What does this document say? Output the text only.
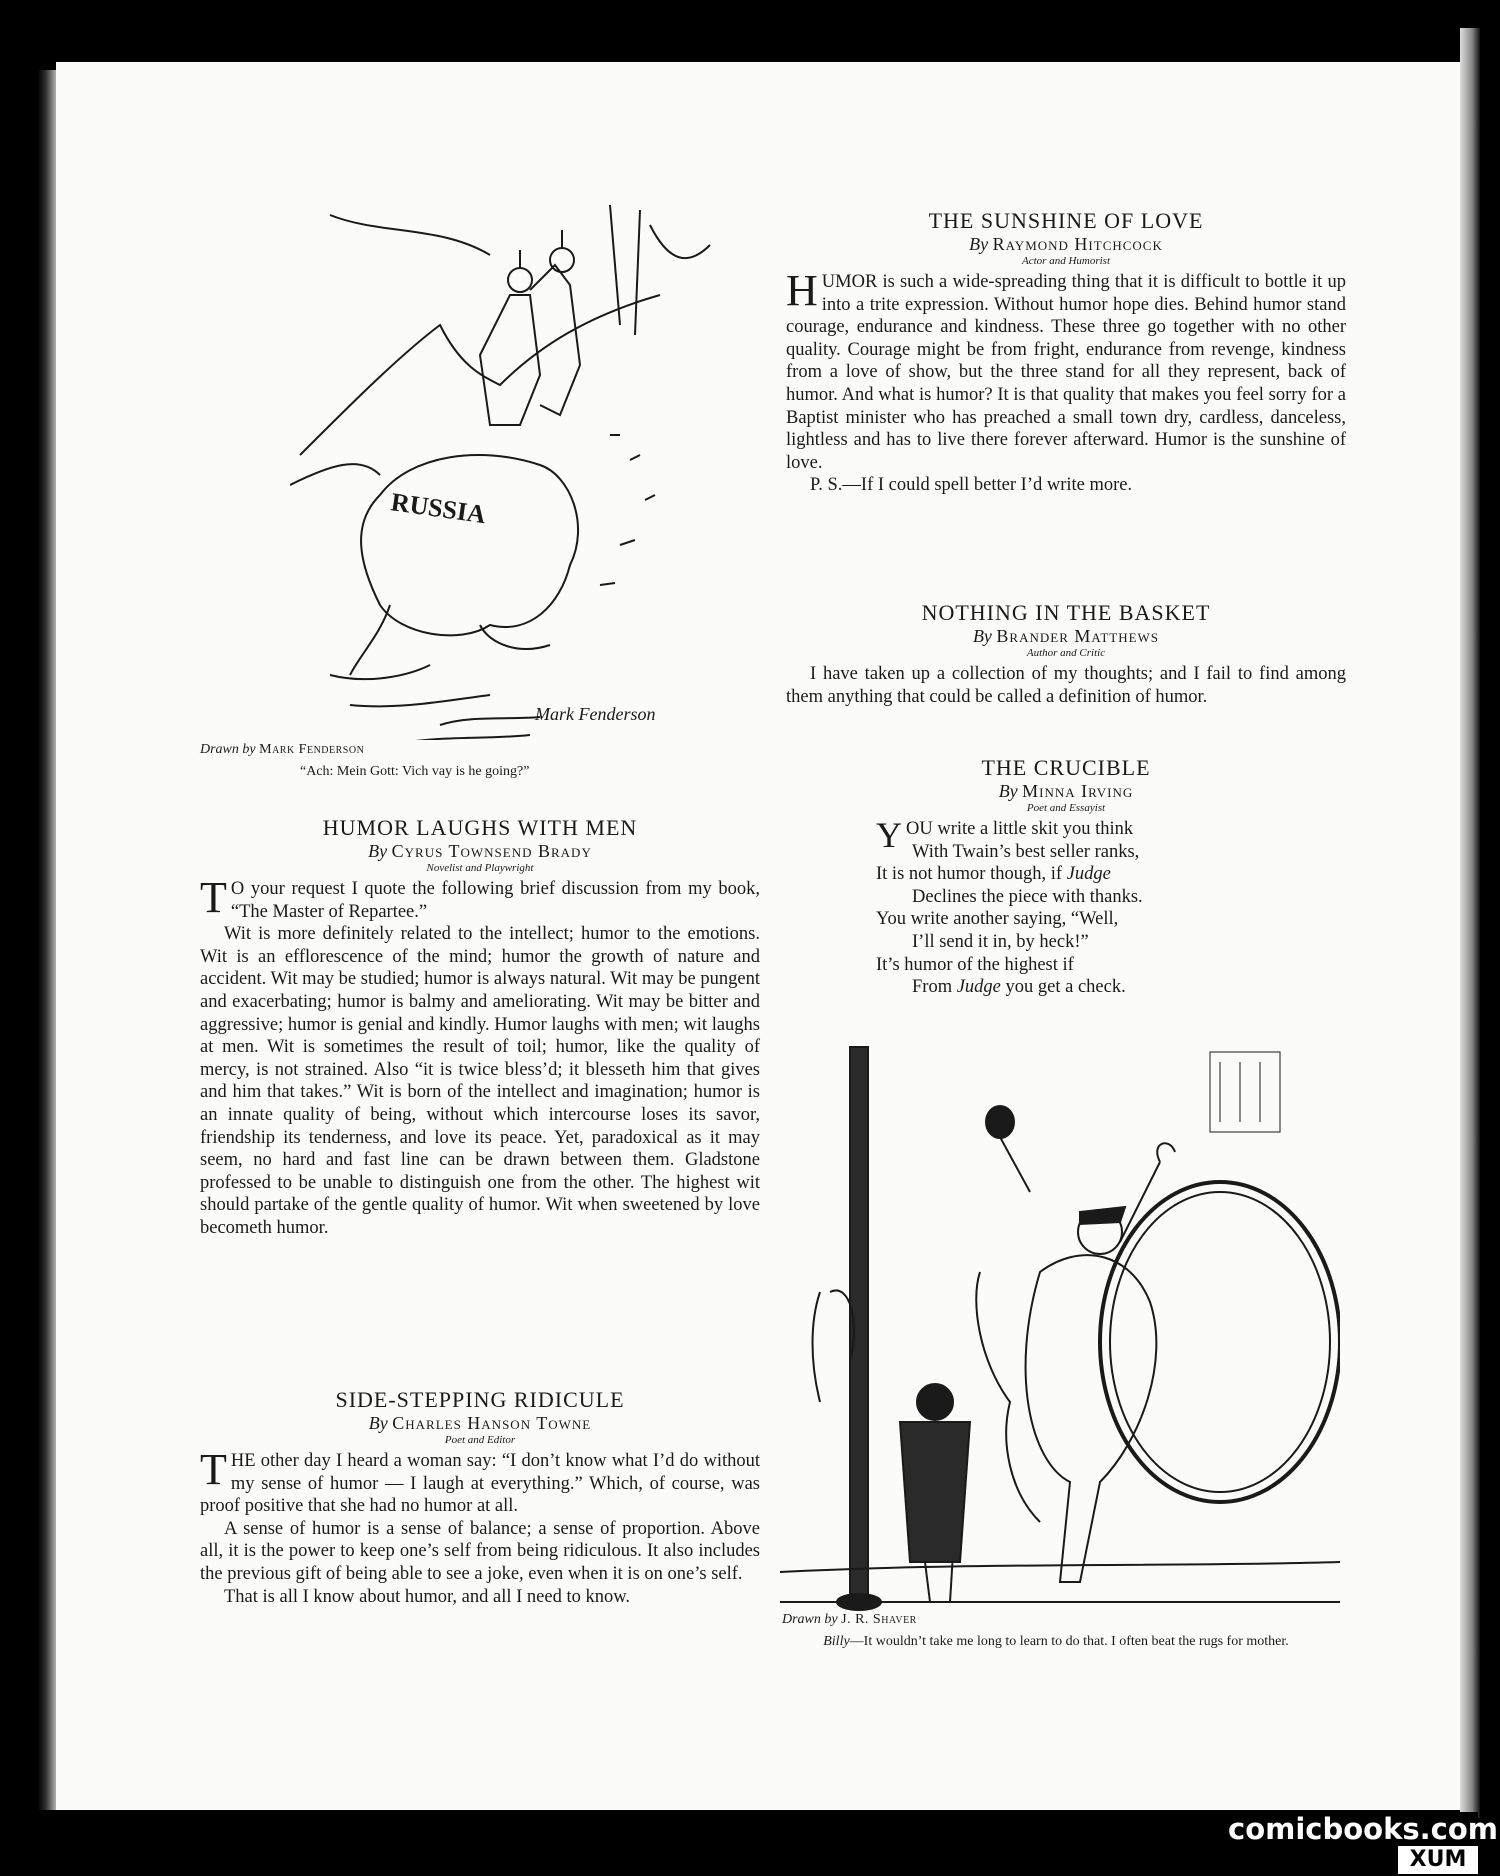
RUSSIA
Mark Fenderson

Drawn by Mark Fenderson

“Ach: Mein Gott: Vich vay is he going?”

HUMOR LAUGHS WITH MEN

By Cyrus Townsend Brady

Novelist and Playwright

T O your request I quote the following brief discussion from my book, “The Master of Repartee.”

Wit is more definitely related to the intellect; humor to the emotions. Wit is an efflorescence of the mind; humor the growth of nature and accident. Wit may be studied; humor is always natural. Wit may be pungent and exacerbating; humor is balmy and ameliorating. Wit may be bitter and aggressive; humor is genial and kindly. Humor laughs with men; wit laughs at men. Wit is sometimes the result of toil; humor, like the quality of mercy, is not strained. Also “it is twice bless’d; it blesseth him that gives and him that takes.” Wit is born of the intellect and imagination; humor is an innate quality of being, without which intercourse loses its savor, friendship its tenderness, and love its peace. Yet, paradoxical as it may seem, no hard and fast line can be drawn between them. Gladstone professed to be unable to distinguish one from the other. The highest wit should partake of the gentle quality of humor. Wit when sweetened by love becometh humor.

SIDE-STEPPING RIDICULE

By Charles Hanson Towne

Poet and Editor

T HE other day I heard a woman say: “I don’t know what I’d do without my sense of humor — I laugh at everything.” Which, of course, was proof positive that she had no humor at all.

A sense of humor is a sense of balance; a sense of proportion. Above all, it is the power to keep one’s self from being ridiculous. It also includes the previous gift of being able to see a joke, even when it is on one’s self.

That is all I know about humor, and all I need to know.

THE SUNSHINE OF LOVE

By Raymond Hitchcock

Actor and Humorist

H UMOR is such a wide-spreading thing that it is difficult to bottle it up into a trite expression. Without humor hope dies. Behind humor stand courage, endurance and kindness. These three go together with no other quality. Courage might be from fright, endurance from revenge, kindness from a love of show, but the three stand for all they represent, back of humor. And what is humor? It is that quality that makes you feel sorry for a Baptist minister who has preached a small town dry, cardless, danceless, lightless and has to live there forever afterward. Humor is the sunshine of love.

P. S.—If I could spell better I’d write more.

NOTHING IN THE BASKET

By Brander Matthews

Author and Critic

I have taken up a collection of my thoughts; and I fail to find among them anything that could be called a definition of humor.

THE CRUCIBLE

By Minna Irving

Poet and Essayist

YOU write a little skit you think
With Twain’s best seller ranks,
It is not humor though, if Judge
Declines the piece with thanks.
You write another saying, “Well,
I’ll send it in, by heck!”
It’s humor of the highest if
From Judge you get a check.

Drawn by J. R. Shaver

Billy—It wouldn’t take me long to learn to do that. I often beat the rugs for mother.

comicbooks.com
XUM
